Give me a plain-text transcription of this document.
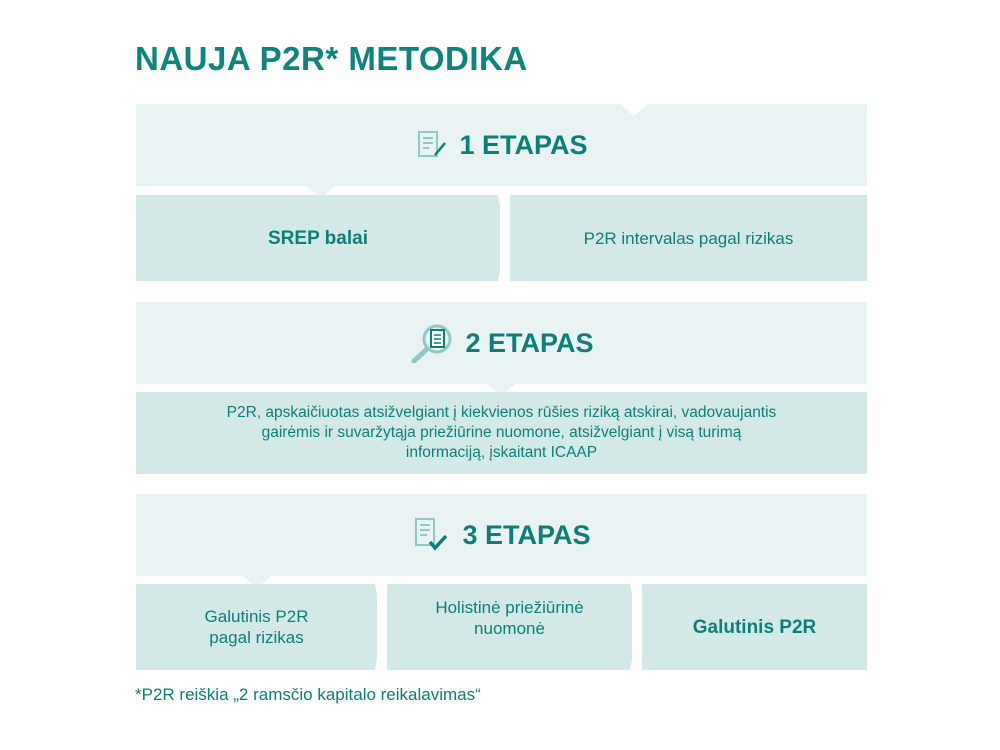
NAUJA P2R* METODIKA
1 ETAPAS
SREP balai	P2R intervalas pagal rizikas
2 ETAPAS
P2R, apskaičiuotas atsižvelgiant į kiekvienos rūšies riziką atskirai, vadovaujantis gairėmis ir suvaržytąja priežiūrine nuomone, atsižvelgiant į visą turimą informaciją, įskaitant ICAAP
3 ETAPAS
Galutinis P2R pagal rizikas
Holistinė priežiūrinė nuomonė	Galutinis P2R
*P2R reiškia „2 ramsčio kapitalo reikalavimas“
